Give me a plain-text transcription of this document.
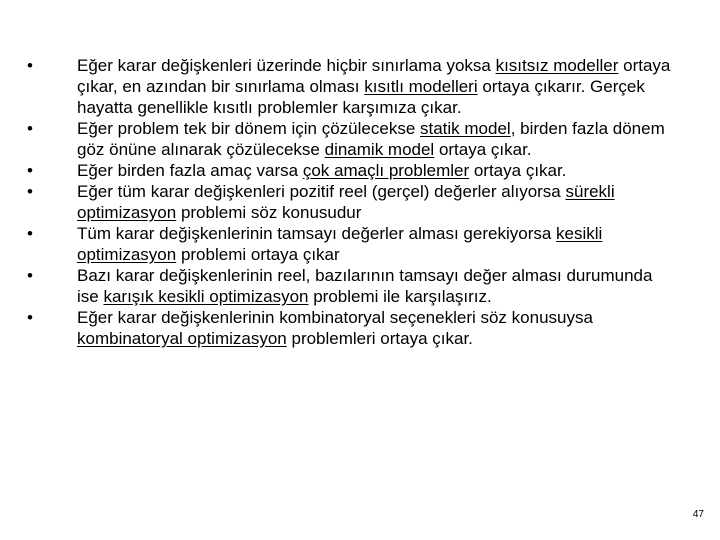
•	Eğer karar değişkenleri üzerinde hiçbir sınırlama yoksa kısıtsız modeller ortaya çıkar, en azından bir sınırlama olması kısıtlı modelleri ortaya çıkarır. Gerçek hayatta genellikle kısıtlı problemler karşımıza çıkar.
•	Eğer problem tek bir dönem için çözülecekse statik model, birden fazla dönem göz önüne alınarak çözülecekse dinamik model ortaya çıkar.
•	Eğer birden fazla amaç varsa çok amaçlı problemler ortaya çıkar.
•	Eğer tüm karar değişkenleri pozitif reel (gerçel) değerler alıyorsa sürekli optimizasyon problemi söz konusudur
•	Tüm karar değişkenlerinin tamsayı değerler alması gerekiyorsa kesikli optimizasyon problemi ortaya çıkar
•	Bazı karar değişkenlerinin reel, bazılarının tamsayı değer alması durumunda ise karışık kesikli optimizasyon problemi ile karşılaşırız.
•	Eğer karar değişkenlerinin kombinatoryal seçenekleri söz konusuysa kombinatoryal optimizasyon problemleri ortaya çıkar.
47
